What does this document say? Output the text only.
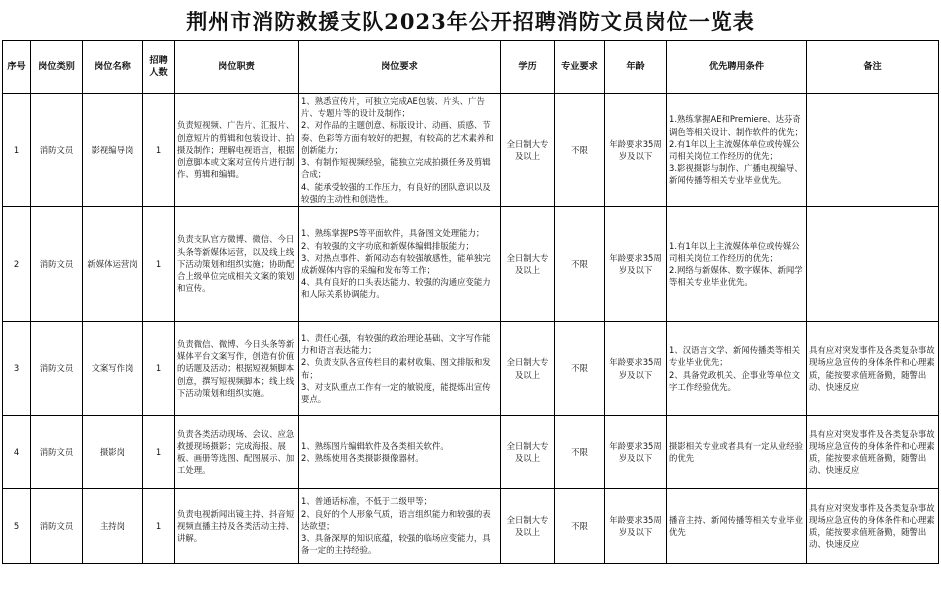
荆州市消防救援支队2023年公开招聘消防文员岗位一览表
序号	岗位类别	岗位名称	招聘人数	岗位职责	岗位要求	学历	专业要求	年龄	优先聘用条件	备注
1	消防文员	影视编导岗	1	负责短视频、广告片、汇报片、创意短片的剪辑和包装设计、拍摄及制作；理解电视语言，根据创意脚本或文案对宣传片进行制作、剪辑和编辑。	1、熟悉宣传片，可独立完成AE包装、片头、广告片、专题片等的设计及制作；
2、对作品的主题创意、标版设计、动画、质感、节奏、色彩等方面有较好的把握，有较高的艺术素养和创新能力；
3、有制作短视频经验，能独立完成拍摄任务及剪辑合成；
4、能承受较强的工作压力，有良好的团队意识以及较强的主动性和创造性。	全日制大专及以上	不限	年龄要求35周岁及以下	1.熟练掌握AE和Premiere、达芬奇调色等相关设计、制作软件的优先；
2.有1年以上主流媒体单位或传媒公司相关岗位工作经历的优先；
3.影视摄影与制作、广播电视编导、新闻传播等相关专业毕业优先。	
2	消防文员	新媒体运营岗	1	负责支队官方微博、微信、今日头条等新媒体运营，以及线上线下活动策划和组织实施；协助配合上级单位完成相关文案的策划和宣传。	1、熟练掌握PS等平面软件，具备图文处理能力；
2、有较强的文字功底和新媒体编辑排版能力；
3、对热点事件、新闻动态有较强敏感性，能单独完成新媒体内容的采编和发布等工作；
4、具有良好的口头表达能力、较强的沟通应变能力和人际关系协调能力。	全日制大专及以上	不限	年龄要求35周岁及以下	1.有1年以上主流媒体单位或传媒公司相关岗位工作经历的优先；
2.网络与新媒体、数字媒体、新闻学等相关专业毕业优先。	
3	消防文员	文案写作岗	1	负责微信、微博、今日头条等新媒体平台文案写作，创造有价值的话题及活动；根据短视频脚本创意，撰写短视频脚本；线上线下活动策划和组织实施。	1、责任心强，有较强的政治理论基础、文字写作能力和语言表达能力；
2、负责支队各宣传栏目的素材收集、图文排版和发布；
3、对支队重点工作有一定的敏锐度，能提炼出宣传要点。	全日制大专及以上	不限	年龄要求35周岁及以下	1、汉语言文学、新闻传播类等相关专业毕业优先；
2、具备党政机关、企事业等单位文字工作经验优先。	具有应对突发事件及各类复杂事故现场应急宣传的身体条件和心理素质，能按要求值班备勤，随警出动、快速反应
4	消防文员	摄影岗	1	负责各类活动现场、会议、应急救援现场摄影；完成海报、展板、画册等选图、配图展示、加工处理。	1、熟练图片编辑软件及各类相关软件。
2、熟练使用各类摄影摄像器材。	全日制大专及以上	不限	年龄要求35周岁及以下	摄影相关专业或者具有一定从业经验的优先	具有应对突发事件及各类复杂事故现场应急宣传的身体条件和心理素质，能按要求值班备勤，随警出动、快速反应
5	消防文员	主持岗	1	负责电视新闻出镜主持、抖音短视频直播主持及各类活动主持、讲解。	1、普通话标准，不低于二级甲等；
2、良好的个人形象气质，语言组织能力和较强的表达欲望；
3、具备深厚的知识底蕴，较强的临场应变能力，具备一定的主持经验。	全日制大专及以上	不限	年龄要求35周岁及以下	播音主持、新闻传播等相关专业毕业优先	具有应对突发事件及各类复杂事故现场应急宣传的身体条件和心理素质，能按要求值班备勤，随警出动、快速反应
